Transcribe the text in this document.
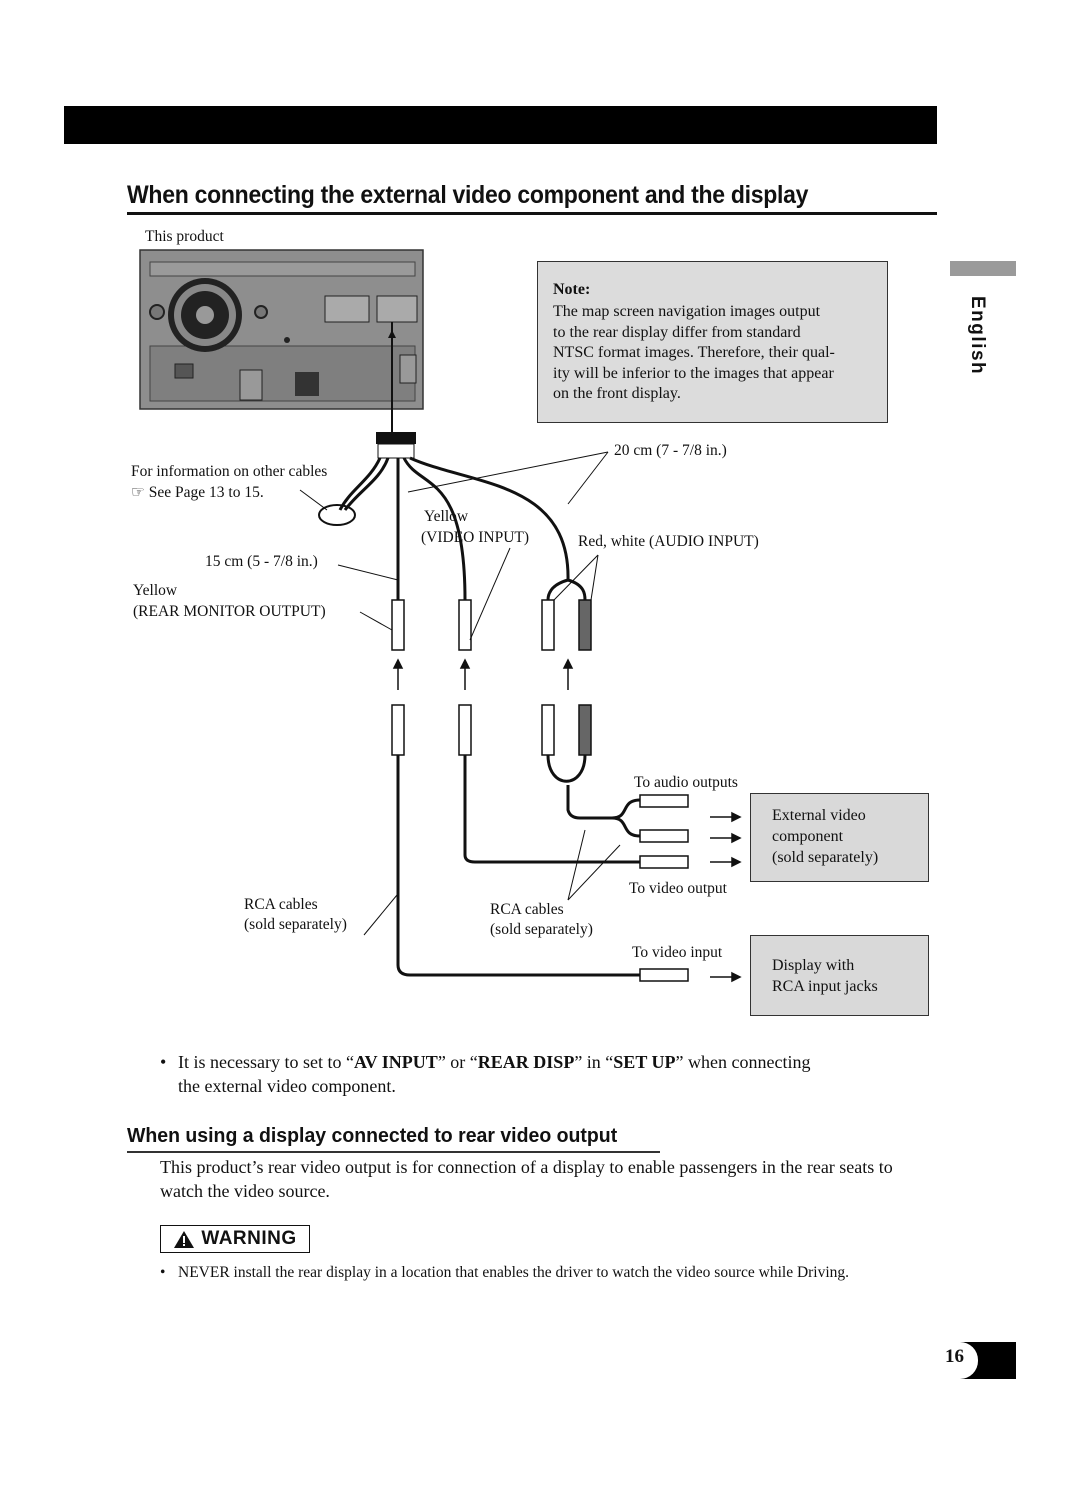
When connecting the external video component and the display
English
This product
Note:
The map screen navigation images output
to the rear display differ from standard
NTSC format images. Therefore, their qual-
ity will be inferior to the images that appear
on the front display.
20 cm (7 - 7/8 in.)
For information on other cables
☞ See Page 13 to 15.
Yellow
(VIDEO INPUT)	Red, white (AUDIO INPUT)
15 cm (5 - 7/8 in.)
Yellow
(REAR MONITOR OUTPUT)
To audio outputs
External video
component
(sold separately)
To video output
RCA cables
(sold separately)
RCA cables
(sold separately)
To video input
Display with
RCA input jacks
• It is necessary to set to “AV INPUT” or “REAR DISP” in “SET UP” when connecting
the external video component.
When using a display connected to rear video output
This product’s rear video output is for connection of a display to enable passengers in the rear seats to watch the video source.
WARNING
• NEVER install the rear display in a location that enables the driver to watch the video source while Driving.
16
